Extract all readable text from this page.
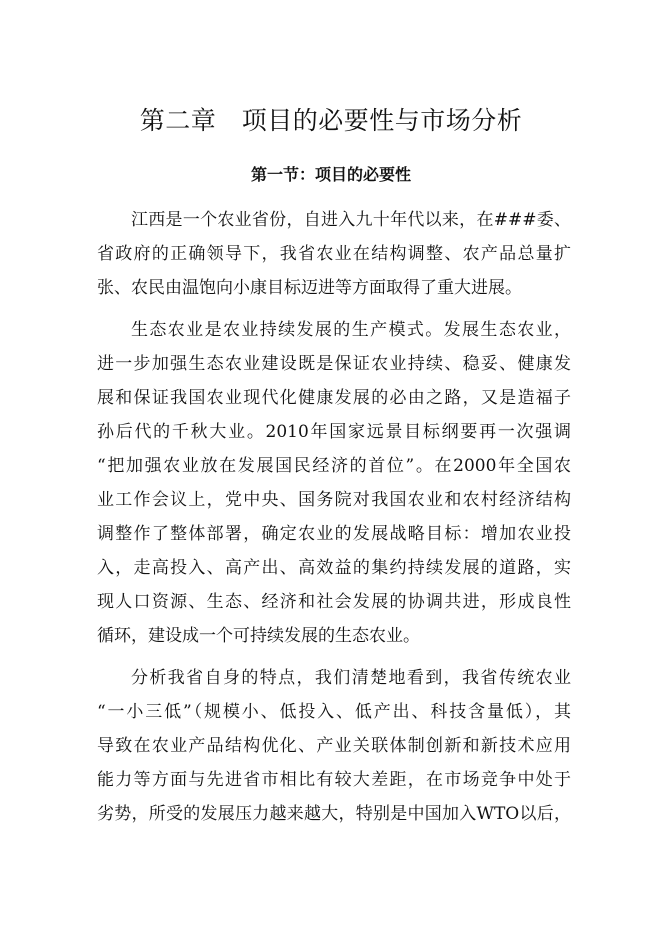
第二章　项目的必要性与市场分析
第一节：项目的必要性
江西是一个农业省份，自进入九十年代以来，在###委、
省政府的正确领导下，我省农业在结构调整、农产品总量扩
张、农民由温饱向小康目标迈进等方面取得了重大进展。
生态农业是农业持续发展的生产模式。发展生态农业，
进一步加强生态农业建设既是保证农业持续、稳妥、健康发
展和保证我国农业现代化健康发展的必由之路，又是造福子
孙后代的千秋大业。2010年国家远景目标纲要再一次强调
“把加强农业放在发展国民经济的首位”。在2000年全国农
业工作会议上，党中央、国务院对我国农业和农村经济结构
调整作了整体部署，确定农业的发展战略目标：增加农业投
入，走高投入、高产出、高效益的集约持续发展的道路，实
现人口资源、生态、经济和社会发展的协调共进，形成良性
循环，建设成一个可持续发展的生态农业。
分析我省自身的特点，我们清楚地看到，我省传统农业
“一小三低”（规模小、低投入、低产出、科技含量低），其
导致在农业产品结构优化、产业关联体制创新和新技术应用
能力等方面与先进省市相比有较大差距，在市场竞争中处于
劣势，所受的发展压力越来越大，特别是中国加入WTO以后，
